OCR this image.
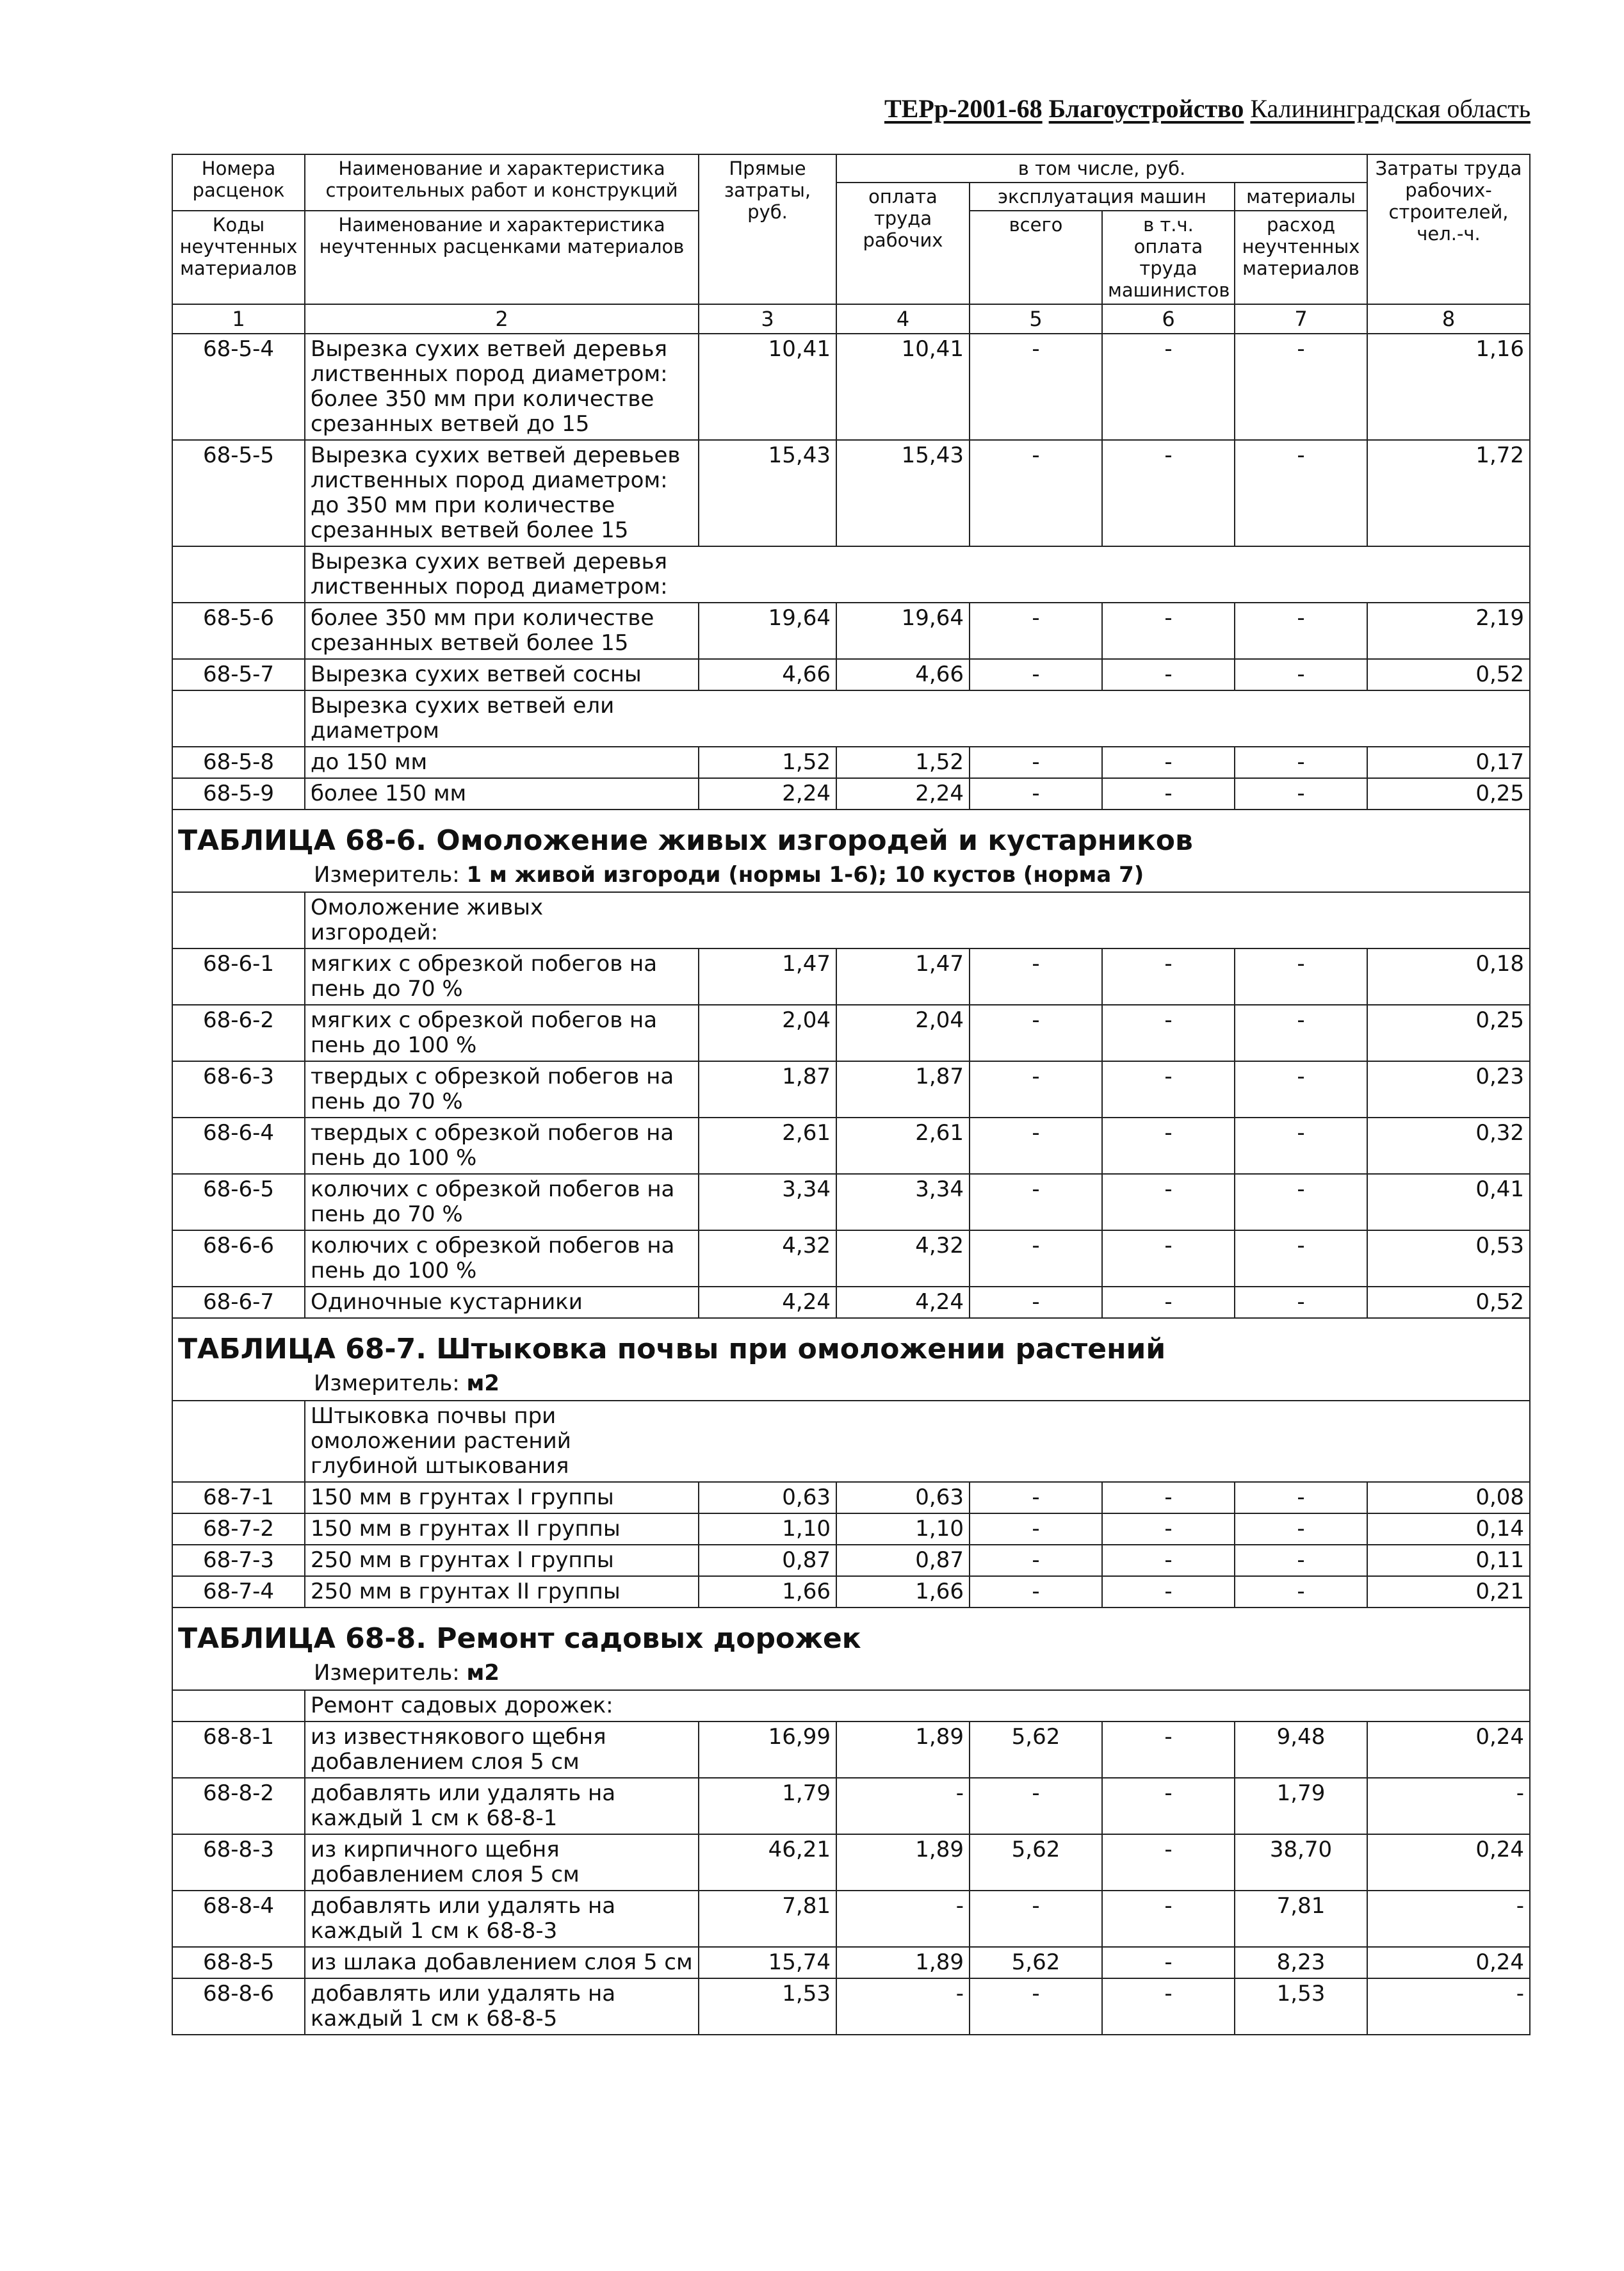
ТЕРр-2001-68 Благоустройство Калининградская область
Номера расценок	Наименование и характеристика строительных работ и конструкций	Прямые затраты, руб.	в том числе, руб.				Затраты труда рабочих-строителей, чел.-ч.
			оплата труда рабочих	эксплуатация машин		материалы	
Коды неучтенных материалов	Наименование и характеристика неучтенных расценками материалов			всего	в т.ч. оплата труда машинистов	расход неучтенных материалов	

1	2	3	4	5	6	7	8
68-5-4	Вырезка сухих ветвей деревья лиственных пород диаметром: более 350 мм при количестве срезанных ветвей до 15	10,41	10,41	-	-	-	1,16
68-5-5	Вырезка сухих ветвей деревьев лиственных пород диаметром: до 350 мм при количестве срезанных ветвей более 15	15,43	15,43	-	-	-	1,72
	Вырезка сухих ветвей деревья лиственных пород диаметром:						
68-5-6	более 350 мм при количестве срезанных ветвей более 15	19,64	19,64	-	-	-	2,19
68-5-7	Вырезка сухих ветвей сосны	4,66	4,66	-	-	-	0,52
	Вырезка сухих ветвей ели диаметром						
68-5-8	до 150 мм	1,52	1,52	-	-	-	0,17
68-5-9	более 150 мм	2,24	2,24	-	-	-	0,25
ТАБЛИЦА 68-6. Омоложение живых изгородей и кустарников							
Измеритель: 1 м живой изгороди (нормы 1-6); 10 кустов (норма 7)							
	Омоложение живых изгородей:						
68-6-1	мягких с обрезкой побегов на пень до 70 %	1,47	1,47	-	-	-	0,18
68-6-2	мягких с обрезкой побегов на пень до 100 %	2,04	2,04	-	-	-	0,25
68-6-3	твердых с обрезкой побегов на пень до 70 %	1,87	1,87	-	-	-	0,23
68-6-4	твердых с обрезкой побегов на пень до 100 %	2,61	2,61	-	-	-	0,32
68-6-5	колючих с обрезкой побегов на пень до 70 %	3,34	3,34	-	-	-	0,41
68-6-6	колючих с обрезкой побегов на пень до 100 %	4,32	4,32	-	-	-	0,53
68-6-7	Одиночные кустарники	4,24	4,24	-	-	-	0,52
ТАБЛИЦА 68-7. Штыковка почвы при омоложении растений							
Измеритель: м2							
	Штыковка почвы при омоложении растений глубиной штыкования						
68-7-1	150 мм в грунтах I группы	0,63	0,63	-	-	-	0,08
68-7-2	150 мм в грунтах II группы	1,10	1,10	-	-	-	0,14
68-7-3	250 мм в грунтах I группы	0,87	0,87	-	-	-	0,11
68-7-4	250 мм в грунтах II группы	1,66	1,66	-	-	-	0,21
ТАБЛИЦА 68-8. Ремонт садовых дорожек							
Измеритель: м2							
	Ремонт садовых дорожек:						
68-8-1	из известнякового щебня добавлением слоя 5 см	16,99	1,89	5,62	-	9,48	0,24
68-8-2	добавлять или удалять на каждый 1 см к 68-8-1	1,79	-	-	-	1,79	-
68-8-3	из кирпичного щебня добавлением слоя 5 см	46,21	1,89	5,62	-	38,70	0,24
68-8-4	добавлять или удалять на каждый 1 см к 68-8-3	7,81	-	-	-	7,81	-
68-8-5	из шлака добавлением слоя 5 см	15,74	1,89	5,62	-	8,23	0,24
68-8-6	добавлять или удалять на каждый 1 см к 68-8-5	1,53	-	-	-	1,53	-
